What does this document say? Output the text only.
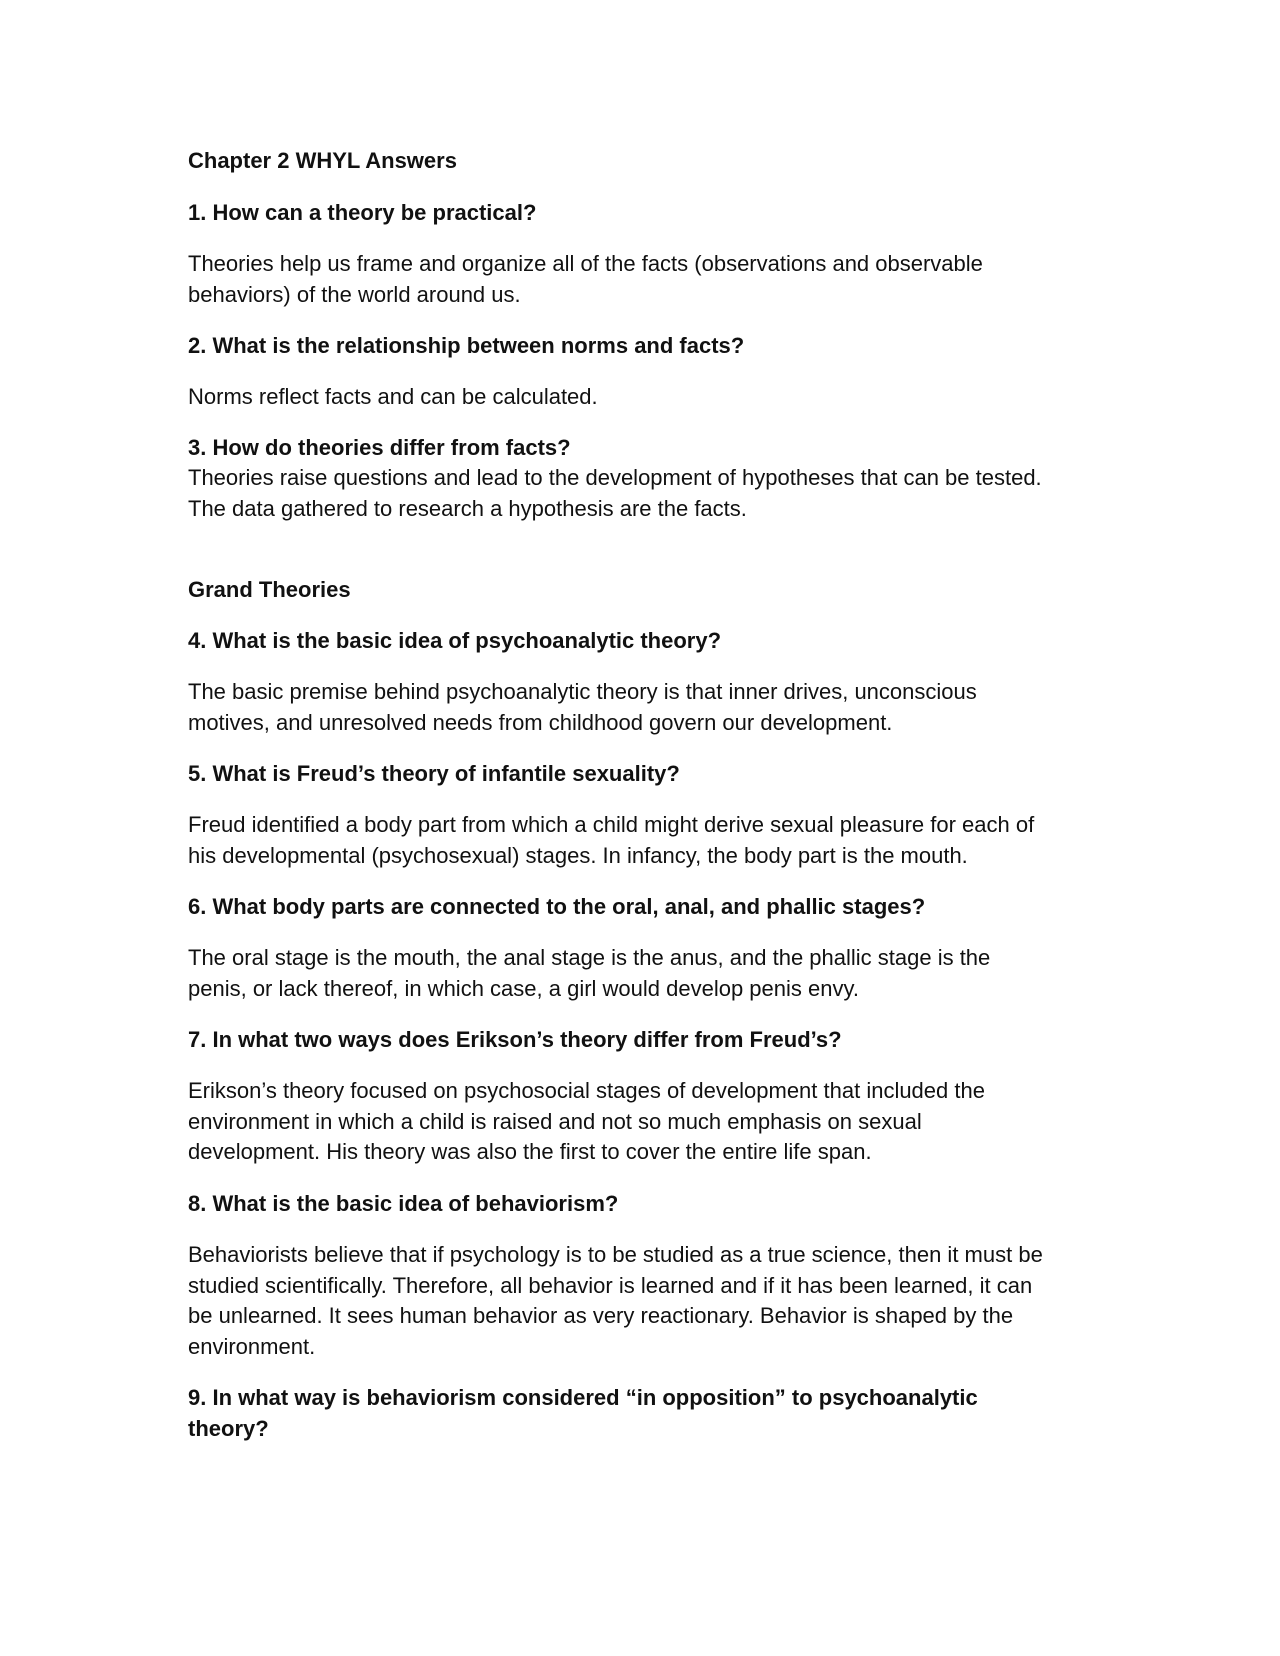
Chapter 2 WHYL Answers

1. How can a theory be practical?

Theories help us frame and organize all of the facts (observations and observable
behaviors) of the world around us.

2. What is the relationship between norms and facts?

Norms reflect facts and can be calculated.

3. How do theories differ from facts?

Theories raise questions and lead to the development of hypotheses that can be tested.
The data gathered to research a hypothesis are the facts.

Grand Theories

4. What is the basic idea of psychoanalytic theory?

The basic premise behind psychoanalytic theory is that inner drives, unconscious
motives, and unresolved needs from childhood govern our development.

5. What is Freud’s theory of infantile sexuality?

Freud identified a body part from which a child might derive sexual pleasure for each of
his developmental (psychosexual) stages. In infancy, the body part is the mouth.

6. What body parts are connected to the oral, anal, and phallic stages?

The oral stage is the mouth, the anal stage is the anus, and the phallic stage is the
penis, or lack thereof, in which case, a girl would develop penis envy.

7. In what two ways does Erikson’s theory differ from Freud’s?

Erikson’s theory focused on psychosocial stages of development that included the
environment in which a child is raised and not so much emphasis on sexual
development. His theory was also the first to cover the entire life span.

8. What is the basic idea of behaviorism?

Behaviorists believe that if psychology is to be studied as a true science, then it must be
studied scientifically. Therefore, all behavior is learned and if it has been learned, it can
be unlearned. It sees human behavior as very reactionary. Behavior is shaped by the
environment.

9. In what way is behaviorism considered “in opposition” to psychoanalytic
theory?
